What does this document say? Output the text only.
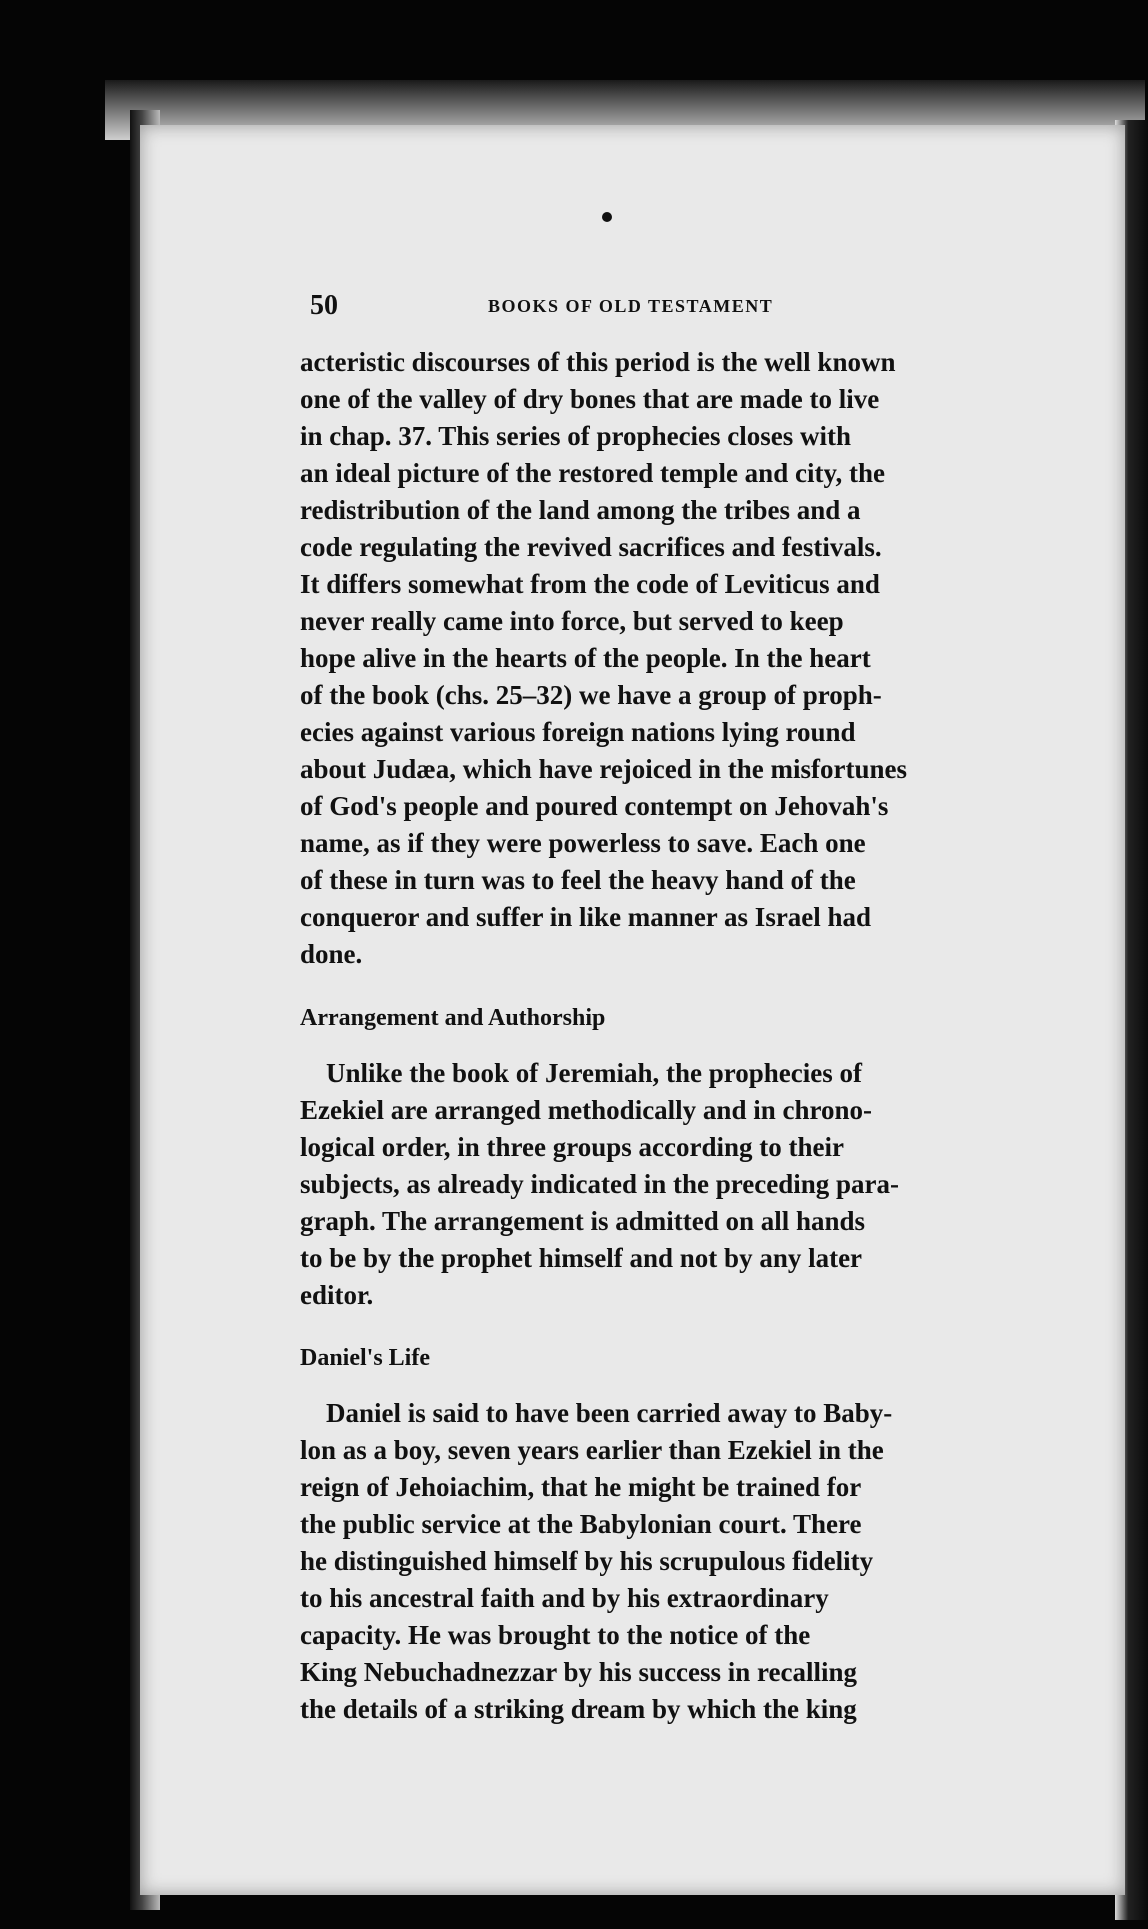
50	BOOKS OF OLD TESTAMENT

acteristic discourses of this period is the well known

one of the valley of dry bones that are made to live

in chap. 37. This series of prophecies closes with

an ideal picture of the restored temple and city, the

redistribution of the land among the tribes and a

code regulating the revived sacrifices and festivals.

It differs somewhat from the code of Leviticus and

never really came into force, but served to keep

hope alive in the hearts of the people. In the heart

of the book (chs. 25–32) we have a group of proph-

ecies against various foreign nations lying round

about Judæa, which have rejoiced in the misfortunes

of God's people and poured contempt on Jehovah's

name, as if they were powerless to save. Each one

of these in turn was to feel the heavy hand of the

conqueror and suffer in like manner as Israel had

done.

Arrangement and Authorship

Unlike the book of Jeremiah, the prophecies of

Ezekiel are arranged methodically and in chrono-

logical order, in three groups according to their

subjects, as already indicated in the preceding para-

graph. The arrangement is admitted on all hands

to be by the prophet himself and not by any later

editor.

Daniel's Life

Daniel is said to have been carried away to Baby-

lon as a boy, seven years earlier than Ezekiel in the

reign of Jehoiachim, that he might be trained for

the public service at the Babylonian court. There

he distinguished himself by his scrupulous fidelity

to his ancestral faith and by his extraordinary

capacity. He was brought to the notice of the

King Nebuchadnezzar by his success in recalling

the details of a striking dream by which the king
